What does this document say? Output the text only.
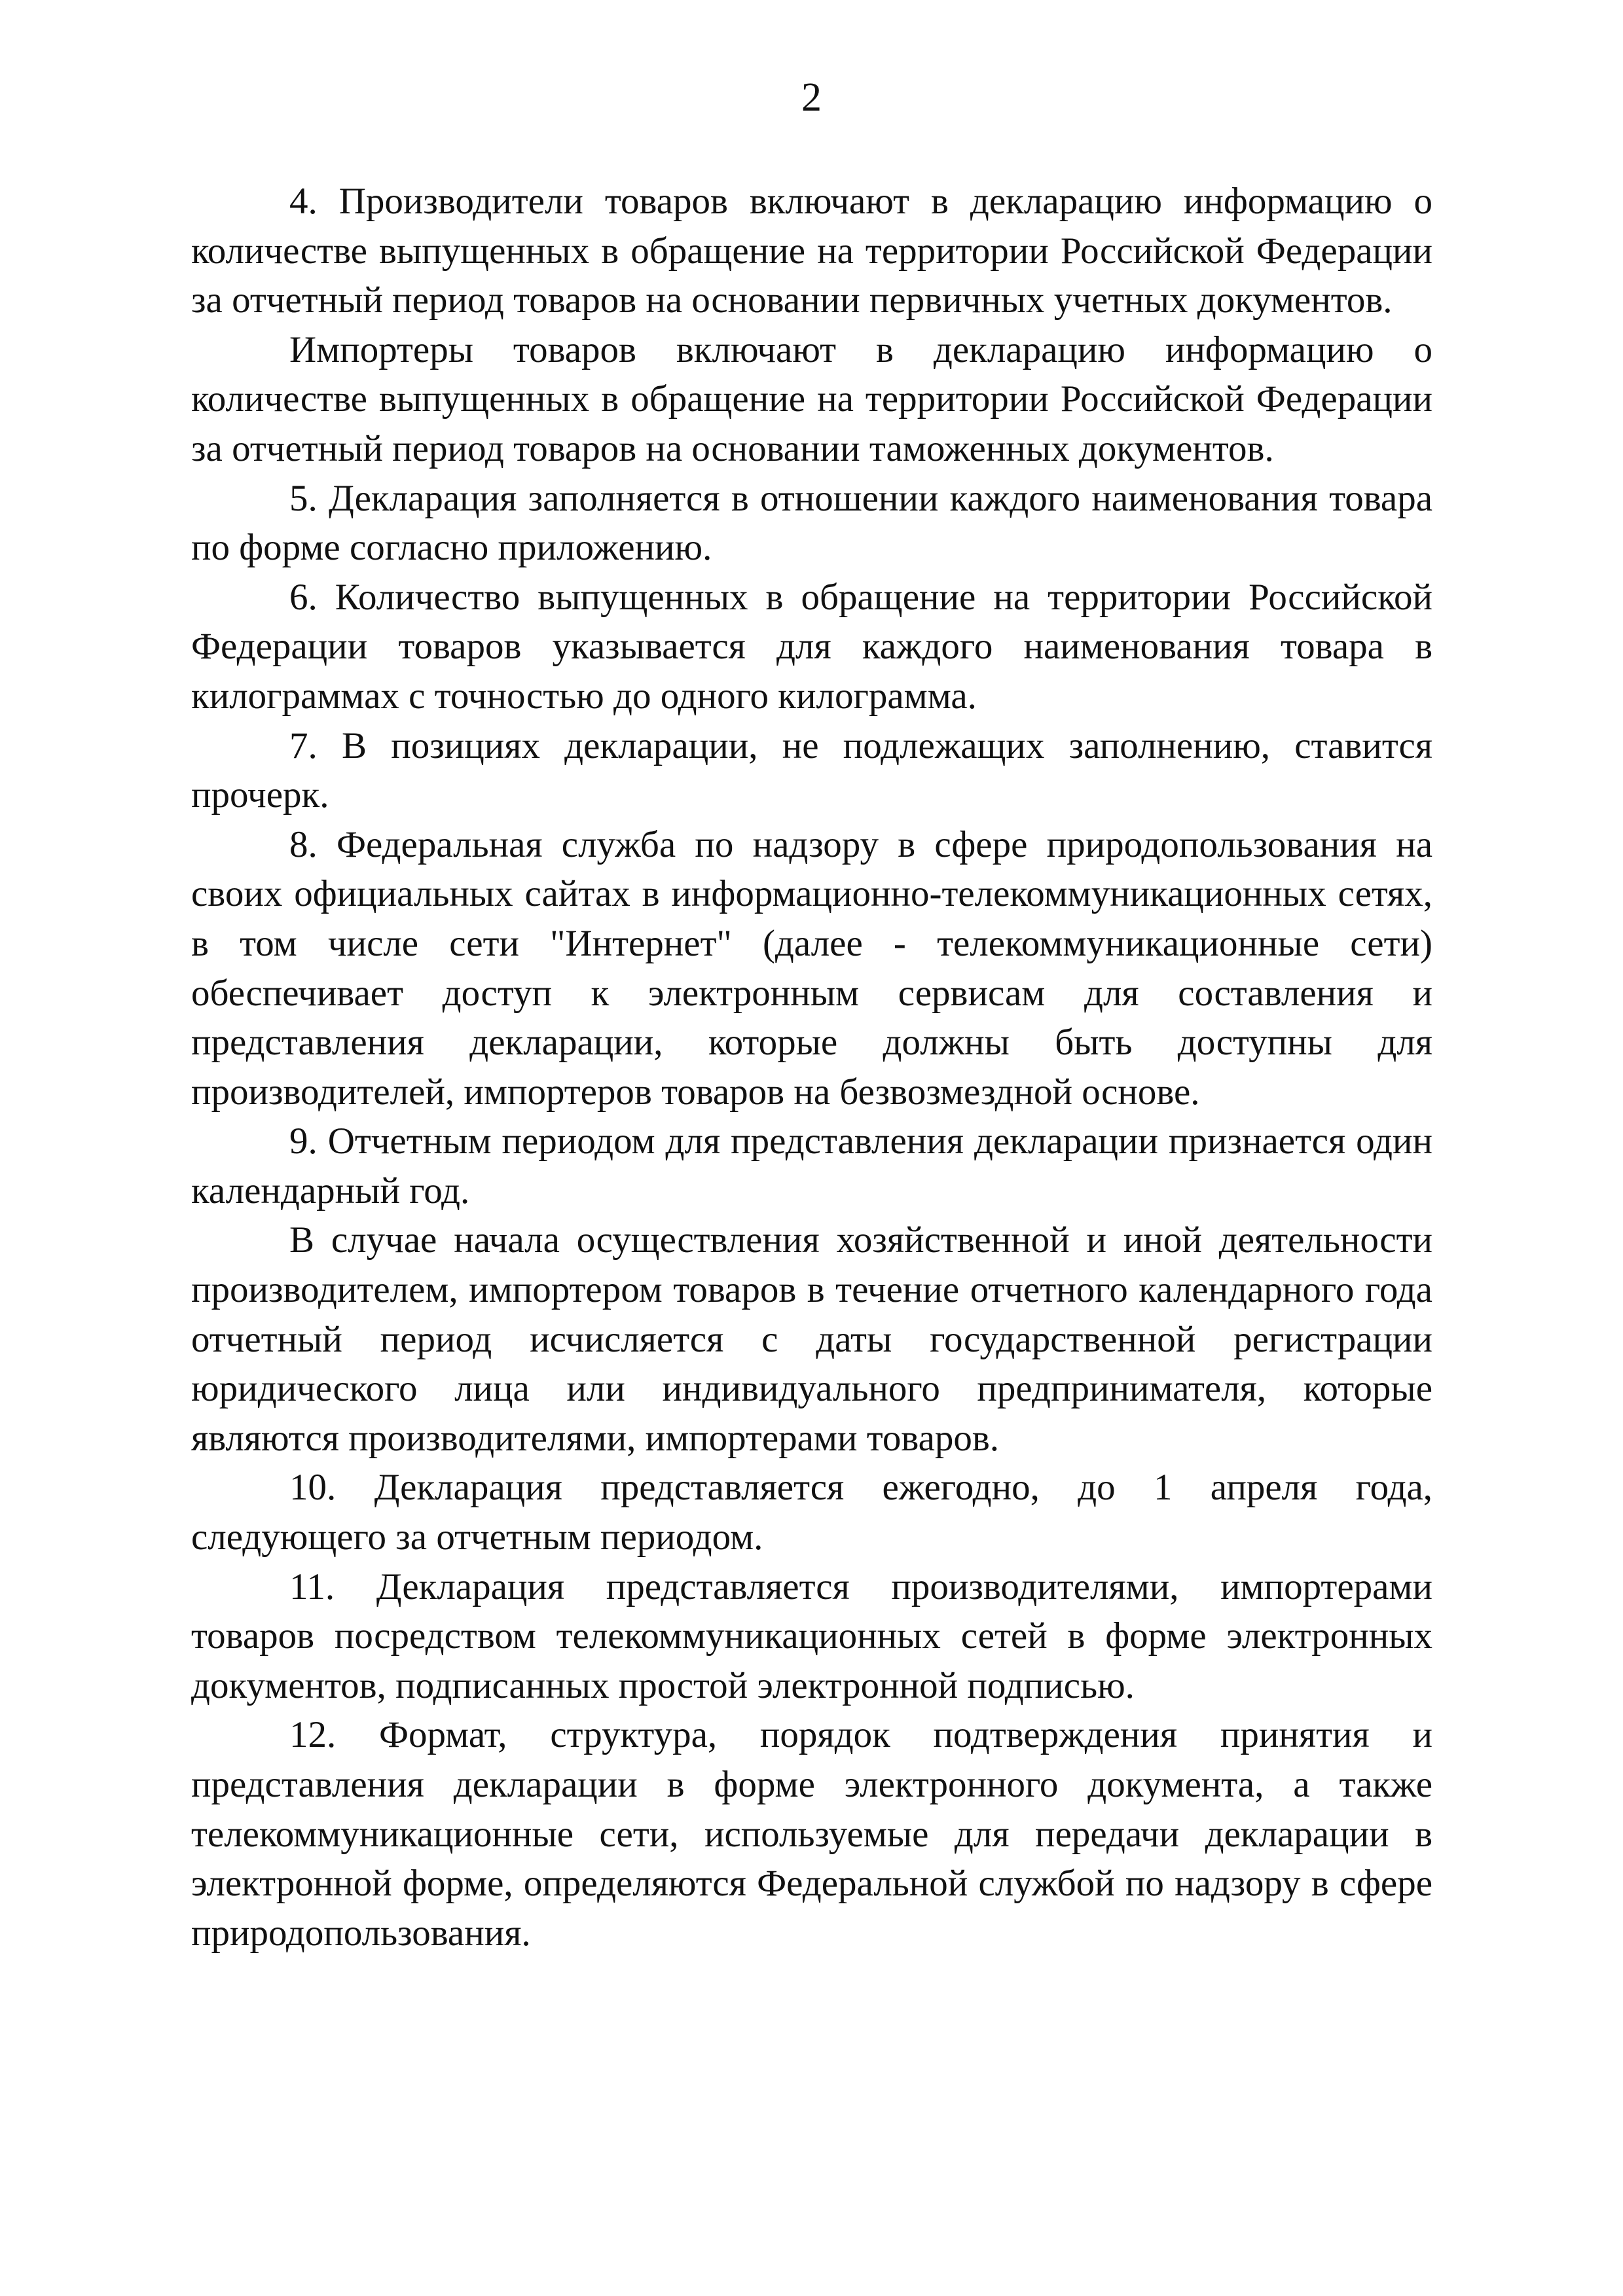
2

4. Производители товаров включают в декларацию информацию о количестве выпущенных в обращение на территории Российской Федерации за отчетный период товаров на основании первичных учетных документов.

Импортеры товаров включают в декларацию информацию о количестве выпущенных в обращение на территории Российской Федерации за отчетный период товаров на основании таможенных документов.

5. Декларация заполняется в отношении каждого наименования товара по форме согласно приложению.

6. Количество выпущенных в обращение на территории Российской Федерации товаров указывается для каждого наименования товара в килограммах с точностью до одного килограмма.

7. В позициях декларации, не подлежащих заполнению, ставится прочерк.

8. Федеральная служба по надзору в сфере природопользования на своих официальных сайтах в информационно-телекоммуникационных сетях, в том числе сети "Интернет" (далее - телекоммуникационные сети) обеспечивает доступ к электронным сервисам для составления и представления декларации, которые должны быть доступны для производителей, импортеров товаров на безвозмездной основе.

9. Отчетным периодом для представления декларации признается один календарный год.

В случае начала осуществления хозяйственной и иной деятельности производителем, импортером товаров в течение отчетного календарного года отчетный период исчисляется с даты государственной регистрации юридического лица или индивидуального предпринимателя, которые являются производителями, импортерами товаров.

10. Декларация представляется ежегодно, до 1 апреля года, следующего за отчетным периодом.

11. Декларация представляется производителями, импортерами товаров посредством телекоммуникационных сетей в форме электронных документов, подписанных простой электронной подписью.

12. Формат, структура, порядок подтверждения принятия и представления декларации в форме электронного документа, а также телекоммуникационные сети, используемые для передачи декларации в электронной форме, определяются Федеральной службой по надзору в сфере природопользования.
